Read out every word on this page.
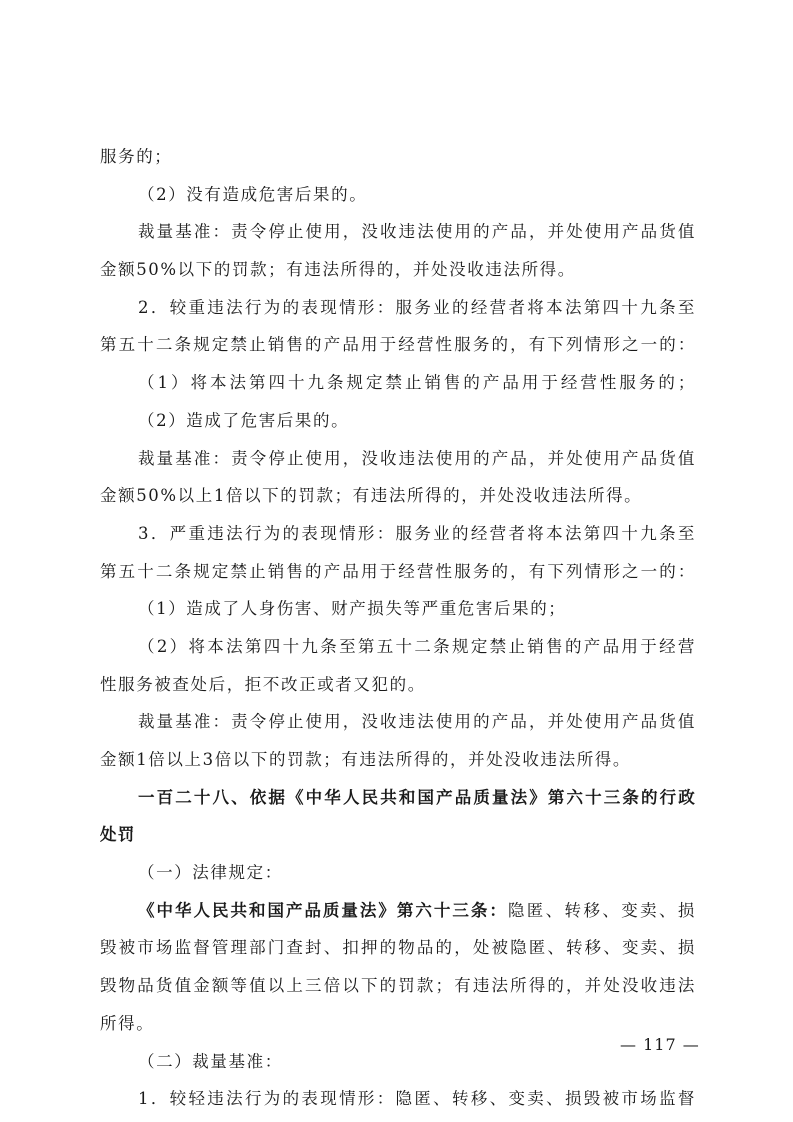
服务的；
（2）没有造成危害后果的。
裁量基准：责令停止使用，没收违法使用的产品，并处使用产品货值
金额50%以下的罚款；有违法所得的，并处没收违法所得。
2．较重违法行为的表现情形：服务业的经营者将本法第四十九条至
第五十二条规定禁止销售的产品用于经营性服务的，有下列情形之一的：
（1）将本法第四十九条规定禁止销售的产品用于经营性服务的；
（2）造成了危害后果的。
裁量基准：责令停止使用，没收违法使用的产品，并处使用产品货值
金额50%以上1倍以下的罚款；有违法所得的，并处没收违法所得。
3．严重违法行为的表现情形：服务业的经营者将本法第四十九条至
第五十二条规定禁止销售的产品用于经营性服务的，有下列情形之一的：
（1）造成了人身伤害、财产损失等严重危害后果的；
（2）将本法第四十九条至第五十二条规定禁止销售的产品用于经营
性服务被查处后，拒不改正或者又犯的。
裁量基准：责令停止使用，没收违法使用的产品，并处使用产品货值
金额1倍以上3倍以下的罚款；有违法所得的，并处没收违法所得。
一百二十八、依据《中华人民共和国产品质量法》第六十三条的行政
处罚
（一）法律规定：
《中华人民共和国产品质量法》第六十三条：隐匿、转移、变卖、损
毁被市场监督管理部门查封、扣押的物品的，处被隐匿、转移、变卖、损
毁物品货值金额等值以上三倍以下的罚款；有违法所得的，并处没收违法
所得。
（二）裁量基准：
1．较轻违法行为的表现情形：隐匿、转移、变卖、损毁被市场监督
— 117 —
